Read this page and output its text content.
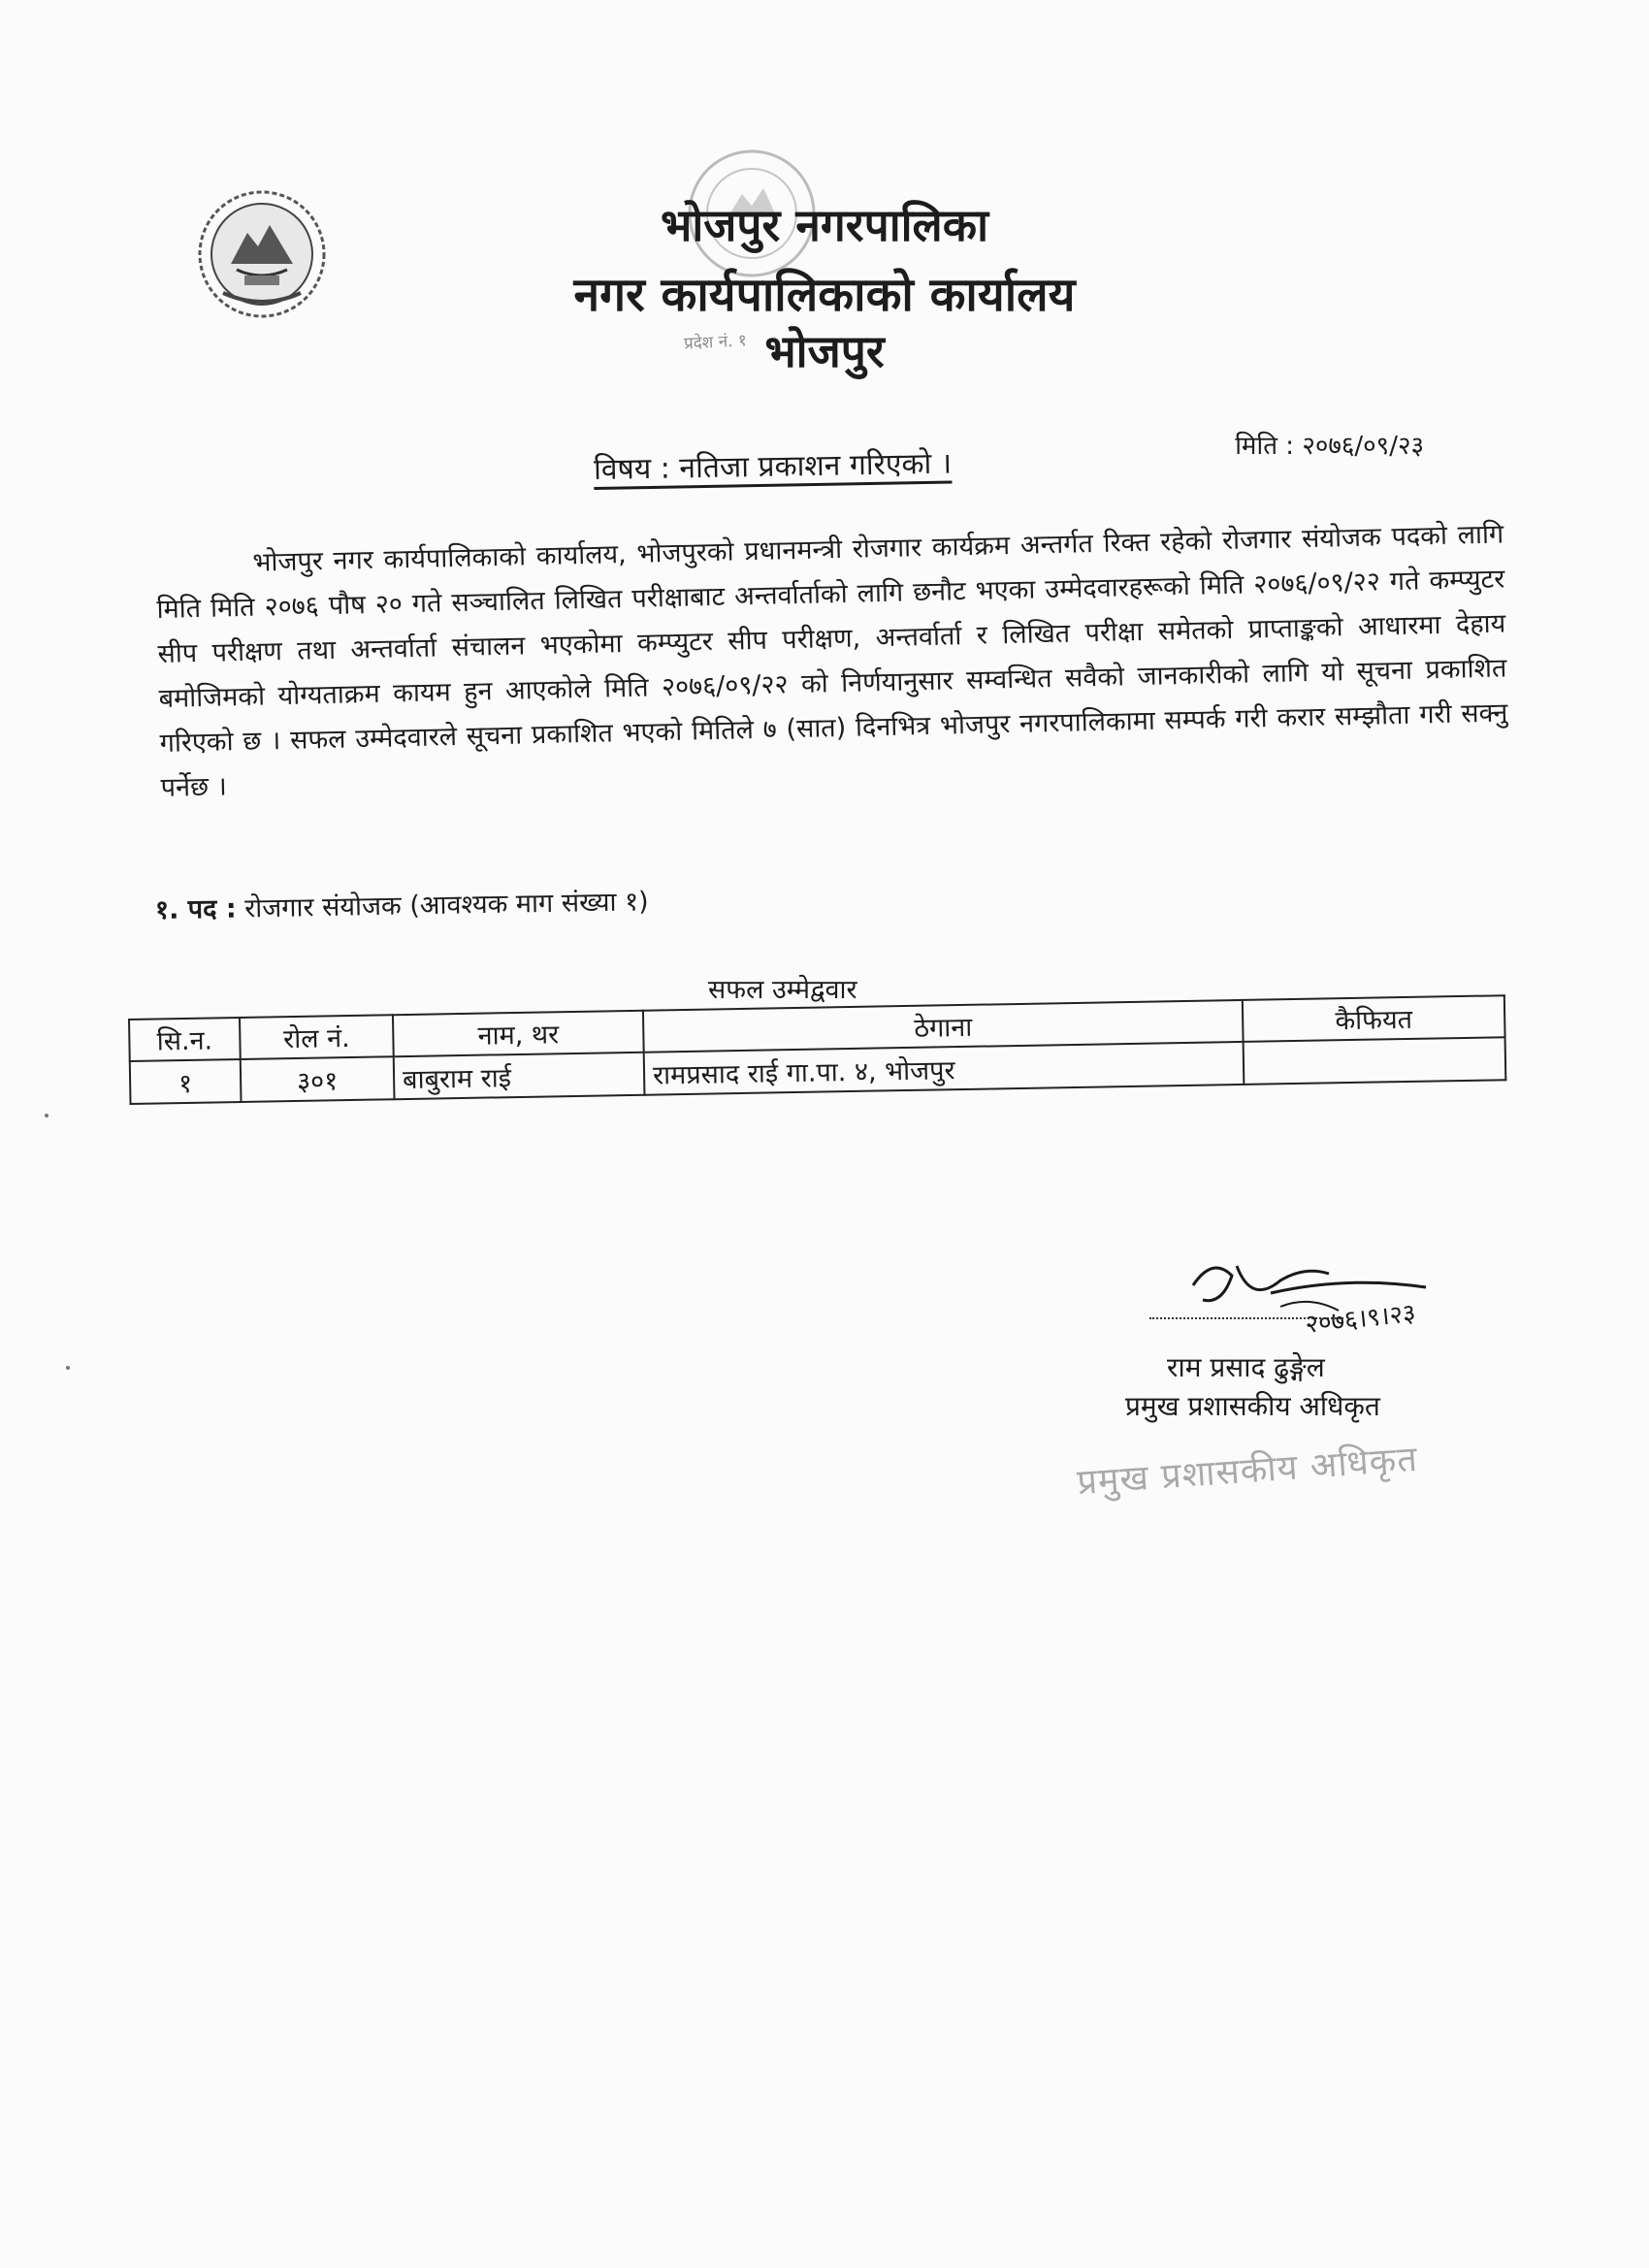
भोजपुर नगरपालिका
नगर कार्यपालिकाको कार्यालय
भोजपुर
प्रदेश नं. १
मिति : २०७६/०९/२३
विषय : नतिजा प्रकाशन गरिएको ।
भोजपुर नगर कार्यपालिकाको कार्यालय, भोजपुरको प्रधानमन्त्री रोजगार कार्यक्रम अन्तर्गत रिक्त रहेको रोजगार संयोजक पदको लागि मिति मिति २०७६ पौष २० गते सञ्चालित लिखित परीक्षाबाट अन्तर्वार्ताको लागि छनौट भएका उम्मेदवारहरूको मिति २०७६/०९/२२ गते कम्प्युटर सीप परीक्षण तथा अन्तर्वार्ता संचालन भएकोमा कम्प्युटर सीप परीक्षण, अन्तर्वार्ता र लिखित परीक्षा समेतको प्राप्ताङ्कको आधारमा देहाय बमोजिमको योग्यताक्रम कायम हुन आएकोले मिति २०७६/०९/२२ को निर्णयानुसार सम्वन्धित सवैको जानकारीको लागि यो सूचना प्रकाशित गरिएको छ । सफल उम्मेदवारले सूचना प्रकाशित भएको मितिले ७ (सात) दिनभित्र भोजपुर नगरपालिकामा सम्पर्क गरी करार सम्झौता गरी सक्नु पर्नेछ ।
१. पद : रोजगार संयोजक (आवश्यक माग संख्या १)
सफल उम्मेद्ववार
सि.न.	रोल नं.	नाम, थर	ठेगाना	कैफियत
१	३०१	बाबुराम राई	रामप्रसाद राई गा.पा. ४, भोजपुर	
२०७६।९।२३
राम प्रसाद ढुङ्गेल
प्रमुख प्रशासकीय अधिकृत
प्रमुख प्रशासकीय अधिकृत
